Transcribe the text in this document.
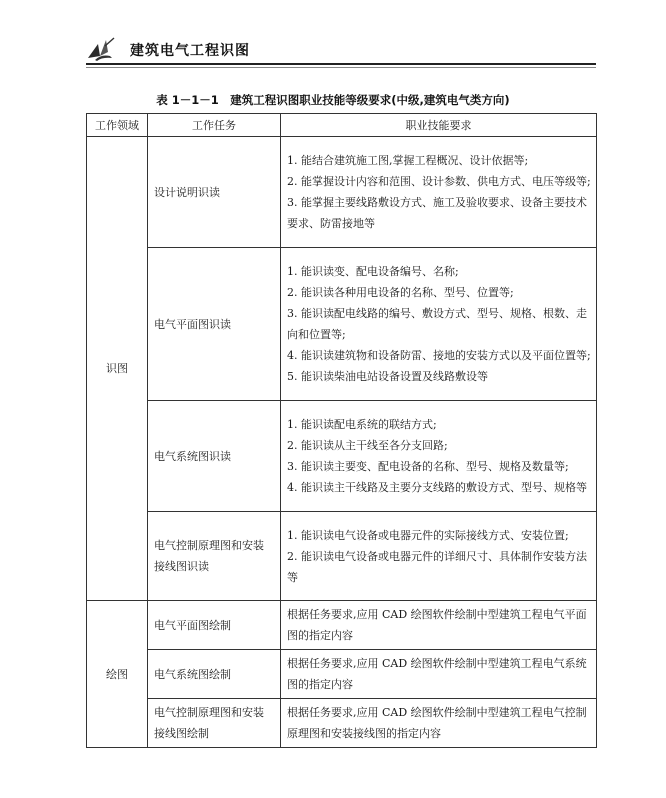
建筑电气工程识图
表 1－1－1　建筑工程识图职业技能等级要求(中级,建筑电气类方向)
工作领域	工作任务	职业技能要求
识图	设计说明识读	1. 能结合建筑施工图,掌握工程概况、设计依据等;
2. 能掌握设计内容和范围、设计参数、供电方式、电压等级等;
3. 能掌握主要线路敷设方式、施工及验收要求、设备主要技术要求、防雷接地等

	电气平面图识读	1. 能识读变、配电设备编号、名称;
2. 能识读各种用电设备的名称、型号、位置等;
3. 能识读配电线路的编号、敷设方式、型号、规格、根数、走向和位置等;
4. 能识读建筑物和设备防雷、接地的安装方式以及平面位置等;
5. 能识读柴油电站设备设置及线路敷设等

	电气系统图识读	1. 能识读配电系统的联结方式;
2. 能识读从主干线至各分支回路;
3. 能识读主要变、配电设备的名称、型号、规格及数量等;
4. 能识读主干线路及主要分支线路的敷设方式、型号、规格等

	电气控制原理图和安装接线图识读	1. 能识读电气设备或电器元件的实际接线方式、安装位置;
2. 能识读电气设备或电器元件的详细尺寸、具体制作安装方法等

绘图	电气平面图绘制	根据任务要求,应用 CAD 绘图软件绘制中型建筑工程电气平面图的指定内容

	电气系统图绘制	根据任务要求,应用 CAD 绘图软件绘制中型建筑工程电气系统图的指定内容

	电气控制原理图和安装接线图绘制	根据任务要求,应用 CAD 绘图软件绘制中型建筑工程电气控制原理图和安装接线图的指定内容
